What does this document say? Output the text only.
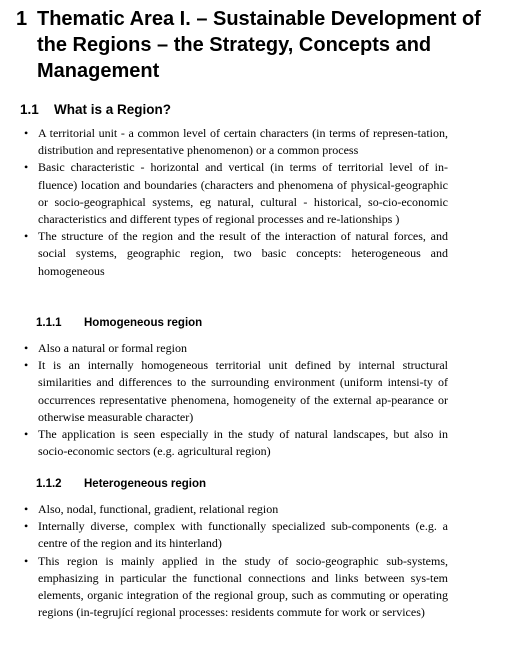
1 Thematic Area I. – Sustainable Development of the Regions – the Strategy, Concepts and Management
1.1 What is a Region?
• A territorial unit - a common level of certain characters (in terms of represen-tation, distribution and representative phenomenon) or a common process
• Basic characteristic - horizontal and vertical (in terms of territorial level of in-fluence) location and boundaries (characters and phenomena of physical-geographic or socio-geographical systems, eg natural, cultural - historical, so-cio-economic characteristics and different types of regional processes and re-lationships )
• The structure of the region and the result of the interaction of natural forces, and social systems, geographic region, two basic concepts: heterogeneous and homogeneous
1.1.1 Homogeneous region
• Also a natural or formal region
• It is an internally homogeneous territorial unit defined by internal structural similarities and differences to the surrounding environment (uniform intensi-ty of occurrences representative phenomena, homogeneity of the external ap-pearance or otherwise measurable character)
• The application is seen especially in the study of natural landscapes, but also in socio-economic sectors (e.g. agricultural region)
1.1.2 Heterogeneous region
• Also, nodal, functional, gradient, relational region
• Internally diverse, complex with functionally specialized sub-components (e.g. a centre of the region and its hinterland)
• This region is mainly applied in the study of socio-geographic sub-systems, emphasizing in particular the functional connections and links between sys-tem elements, organic integration of the regional group, such as commuting or operating regions (in-tegrující regional processes: residents commute for work or services)
